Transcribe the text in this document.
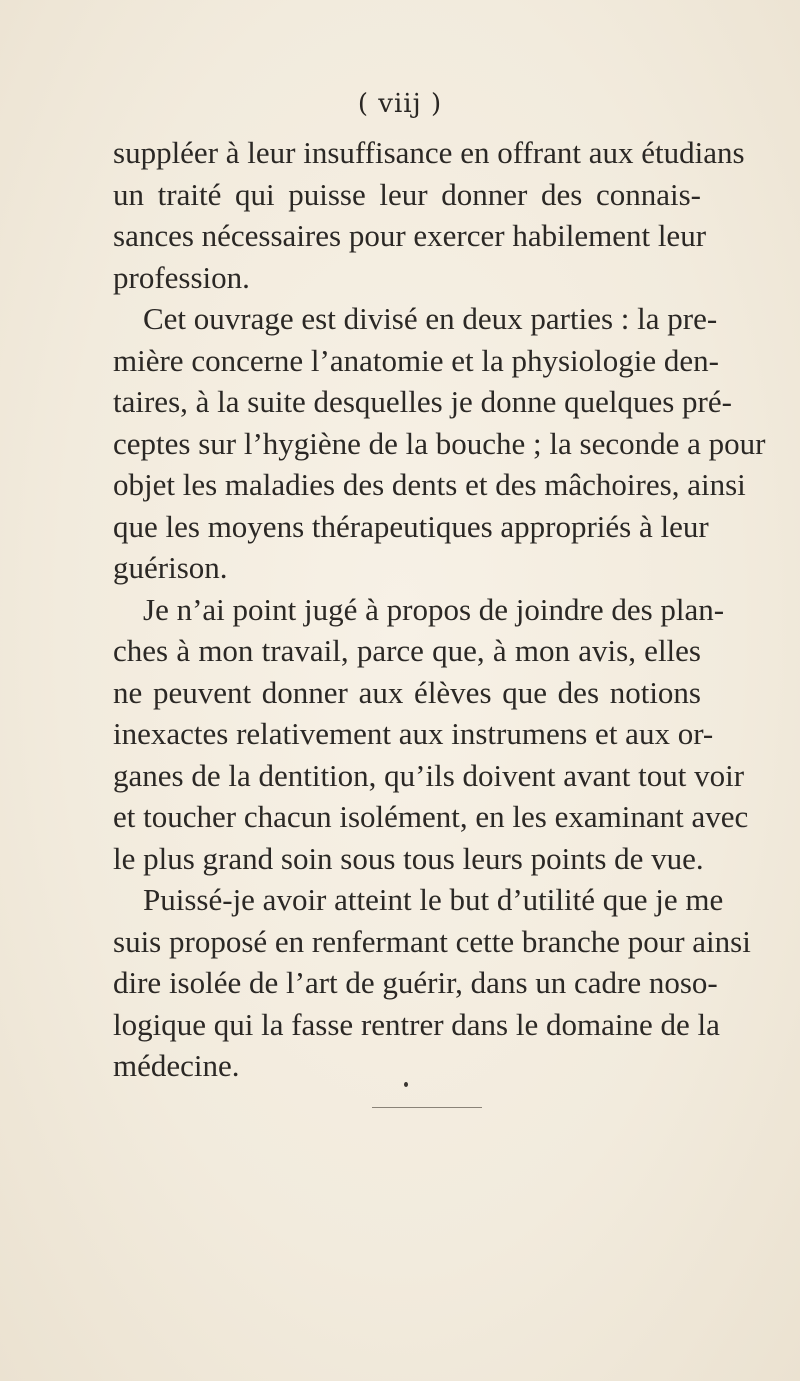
( viij )
suppléer à leur insuffisance en offrant aux étudians
un traité qui puisse leur donner des connais-
sances nécessaires pour exercer habilement leur
profession.
Cet ouvrage est divisé en deux parties : la pre-
mière concerne l’anatomie et la physiologie den-
taires, à la suite desquelles je donne quelques pré-
ceptes sur l’hygiène de la bouche ; la seconde a pour
objet les maladies des dents et des mâchoires, ainsi
que les moyens thérapeutiques appropriés à leur
guérison.
Je n’ai point jugé à propos de joindre des plan-
ches à mon travail, parce que, à mon avis, elles
ne peuvent donner aux élèves que des notions
inexactes relativement aux instrumens et aux or-
ganes de la dentition, qu’ils doivent avant tout voir
et toucher chacun isolément, en les examinant avec
le plus grand soin sous tous leurs points de vue.
Puissé-je avoir atteint le but d’utilité que je me
suis proposé en renfermant cette branche pour ainsi
dire isolée de l’art de guérir, dans un cadre noso-
logique qui la fasse rentrer dans le domaine de la
médecine.
